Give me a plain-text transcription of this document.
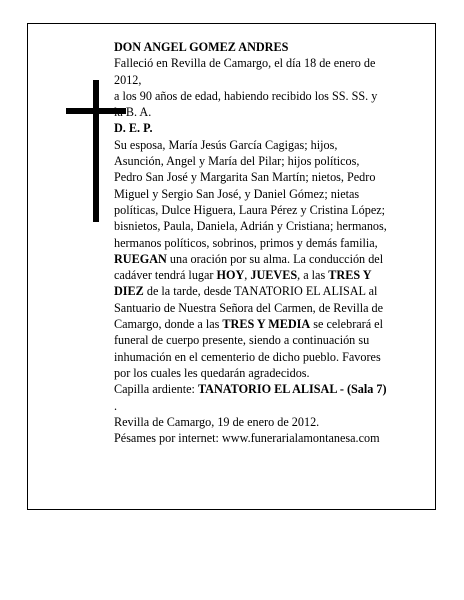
DON ANGEL GOMEZ ANDRES
Falleció en Revilla de Camargo, el día 18 de enero de
2012,
a los 90 años de edad, habiendo recibido los SS. SS. y
la B. A.
D. E. P.
Su esposa, María Jesús García Cagigas; hijos,
Asunción, Angel y María del Pilar; hijos políticos,
Pedro San José y Margarita San Martín; nietos, Pedro
Miguel y Sergio San José, y Daniel Gómez; nietas
políticas, Dulce Higuera, Laura Pérez y Cristina López;
bisnietos, Paula, Daniela, Adrián y Cristiana; hermanos,
hermanos políticos, sobrinos, primos y demás familia,
RUEGAN una oración por su alma. La conducción del
cadáver tendrá lugar HOY, JUEVES, a las TRES Y
DIEZ de la tarde, desde TANATORIO EL ALISAL al
Santuario de Nuestra Señora del Carmen, de Revilla de
Camargo, donde a las TRES Y MEDIA se celebrará el
funeral de cuerpo presente, siendo a continuación su
inhumación en el cementerio de dicho pueblo. Favores
por los cuales les quedarán agradecidos.
Capilla ardiente: TANATORIO EL ALISAL - (Sala 7)
.
Revilla de Camargo, 19 de enero de 2012.
Pésames por internet: www.funerarialamontanesa.com
